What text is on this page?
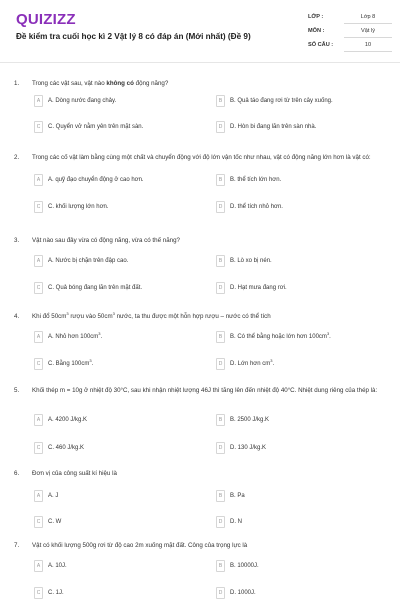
QUIZIZZ
Đề kiểm tra cuối học kì 2 Vật lý 8 có đáp án (Mới nhất) (Đề 9)
LỚP :	Lớp 8
MÔN :	Vật lý
SỐ CÂU :	10
1. Trong các vật sau, vật nào không có động năng?
A	A. Dòng nước đang chảy.	B	B. Quả táo đang rơi từ trên cây xuống.
C	C. Quyển vở nằm yên trên mặt sàn.	D	D. Hòn bi đang lăn trên sàn nhà.
2. Trong các cố vật làm bằng cùng một chất và chuyển động với độ lớn vận tốc như nhau, vật có động năng lớn hơn là vật có:
A	A. quỹ đạo chuyển động ở cao hơn.	B	B. thể tích lớn hơn.
C	C. khối lượng lớn hơn.	D	D. thể tích nhỏ hơn.
3. Vật nào sau đây vừa có động năng, vừa có thế năng?
A	A. Nước bị chặn trên đập cao.	B	B. Lò xo bị nén.
C	C. Quả bóng đang lăn trên mặt đất.	D	D. Hạt mưa đang rơi.
4. Khi đổ $50cm^3$ rượu vào $50cm^3$ nước, ta thu được một hỗn hợp rượu – nước có thể tích
A	A. Nhỏ hơn $100cm^3$.	B	B. Có thể bằng hoặc lớn hơn $100cm^3$.
C	C. Bằng $100cm^3$.	D	D. Lớn hơn $cm^3$.
5. Khối thép m = 10g ở nhiệt độ 30°C, sau khi nhận nhiệt lượng 46J thì tăng lên đến nhiệt độ 40°C. Nhiệt dung riêng của thép là:
A	A. 4200 J/kg.K	B	B. 2500 J/kg.K
C	C. 460 J/kg.K	D	D. 130 J/kg.K
6. Đơn vị của công suất kí hiệu là
A	A. J	B	B. Pa
C	C. W	D	D. N
7. Vật có khối lượng 500g rơi từ độ cao 2m xuống mặt đất. Công của trọng lực là
A	A. 10J.	B	B. 10000J.
C	C. 1J.	D	D. 1000J.
